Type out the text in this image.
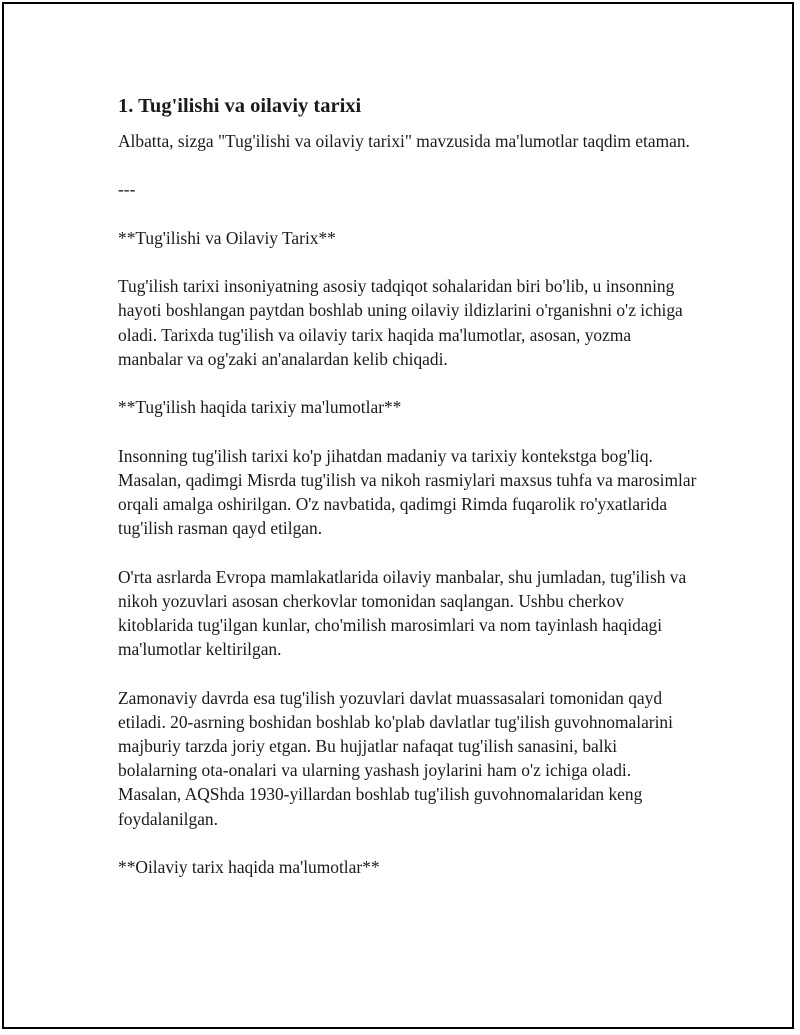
1. Tug'ilishi va oilaviy tarixi

Albatta, sizga "Tug'ilishi va oilaviy tarixi" mavzusida ma'lumotlar taqdim etaman.

---

**Tug'ilishi va Oilaviy Tarix**

Tug'ilish tarixi insoniyatning asosiy tadqiqot sohalaridan biri bo'lib, u insonning hayoti boshlangan paytdan boshlab uning oilaviy ildizlarini o'rganishni o'z ichiga oladi. Tarixda tug'ilish va oilaviy tarix haqida ma'lumotlar, asosan, yozma manbalar va og'zaki an'analardan kelib chiqadi.

**Tug'ilish haqida tarixiy ma'lumotlar**

Insonning tug'ilish tarixi ko'p jihatdan madaniy va tarixiy kontekstga bog'liq. Masalan, qadimgi Misrda tug'ilish va nikoh rasmiylari maxsus tuhfa va marosimlar orqali amalga oshirilgan. O'z navbatida, qadimgi Rimda fuqarolik ro'yxatlarida tug'ilish rasman qayd etilgan.

O'rta asrlarda Evropa mamlakatlarida oilaviy manbalar, shu jumladan, tug'ilish va nikoh yozuvlari asosan cherkovlar tomonidan saqlangan. Ushbu cherkov kitoblarida tug'ilgan kunlar, cho'milish marosimlari va nom tayinlash haqidagi ma'lumotlar keltirilgan.

Zamonaviy davrda esa tug'ilish yozuvlari davlat muassasalari tomonidan qayd etiladi. 20-asrning boshidan boshlab ko'plab davlatlar tug'ilish guvohnomalarini majburiy tarzda joriy etgan. Bu hujjatlar nafaqat tug'ilish sanasini, balki bolalarning ota-onalari va ularning yashash joylarini ham o'z ichiga oladi. Masalan, AQShda 1930-yillardan boshlab tug'ilish guvohnomalaridan keng foydalanilgan.

**Oilaviy tarix haqida ma'lumotlar**
